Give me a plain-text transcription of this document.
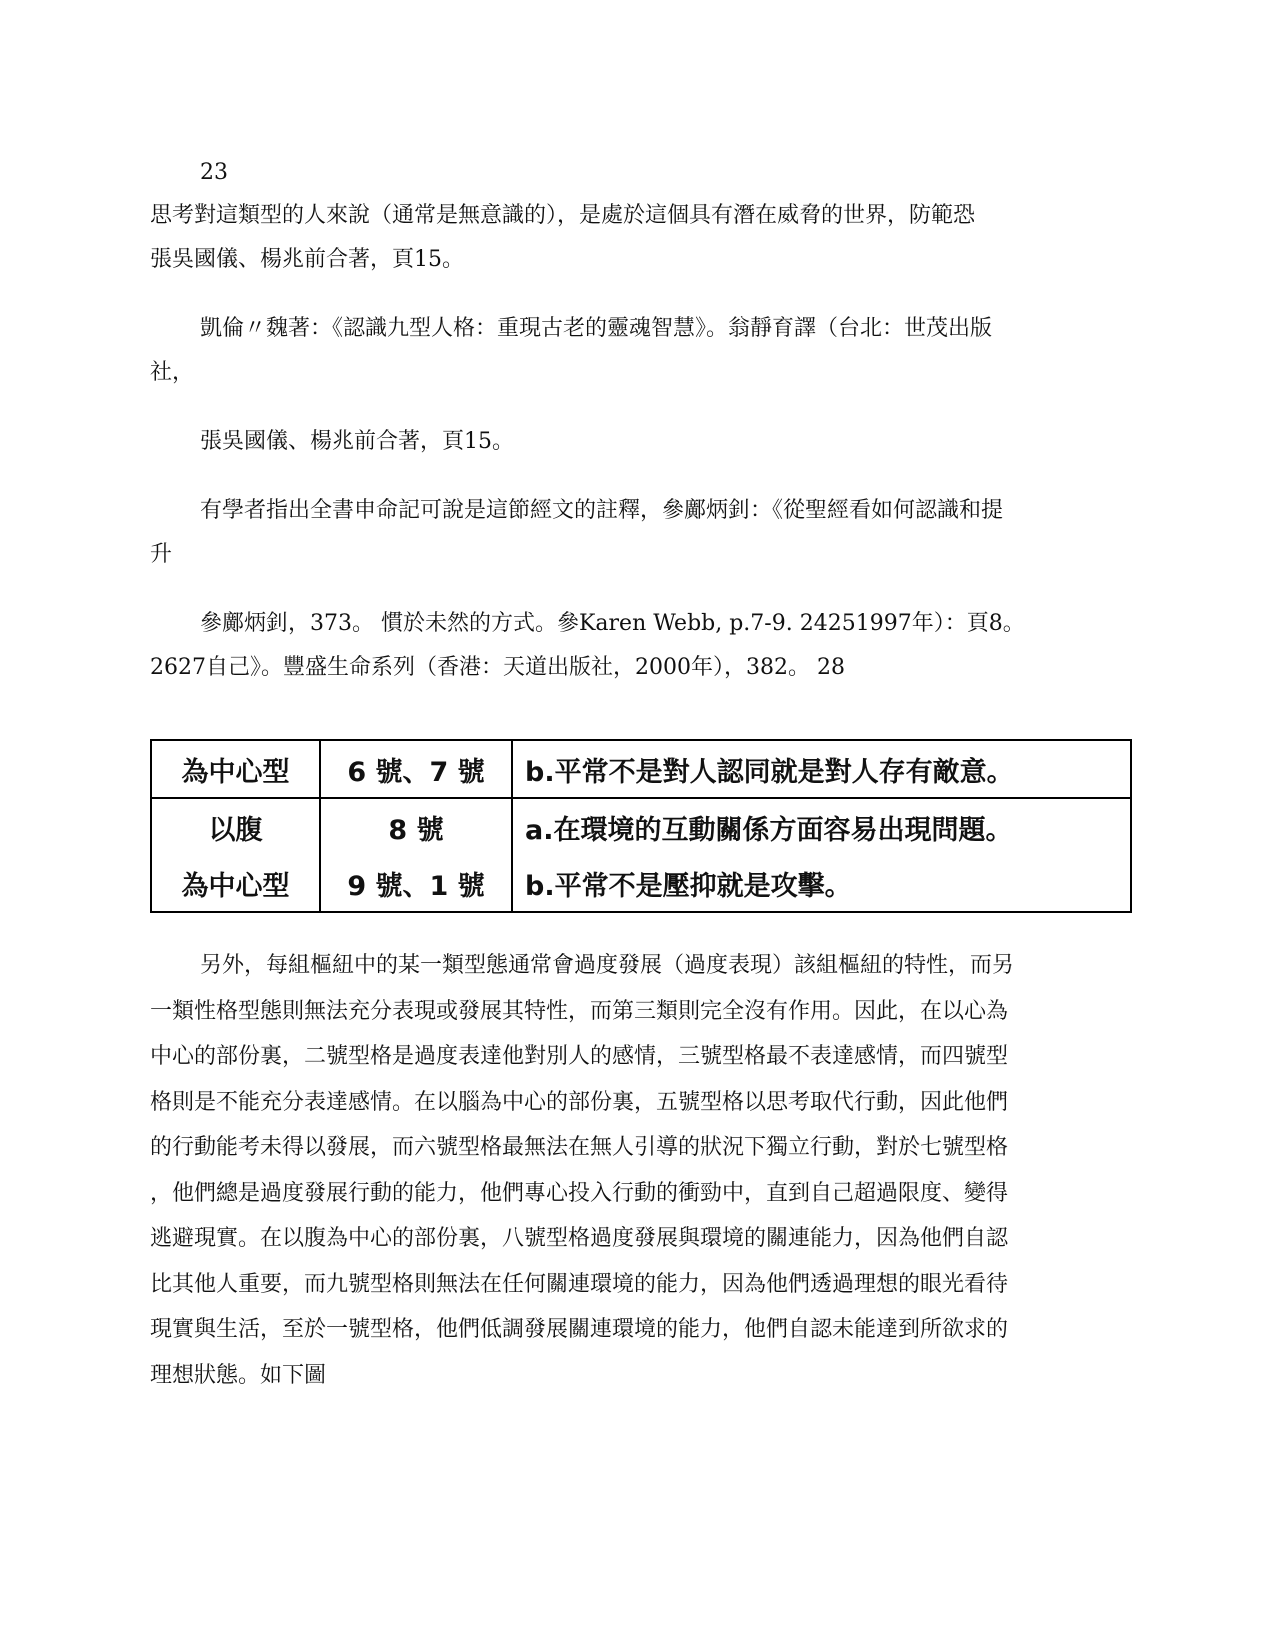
23
思考對這類型的人來說（通常是無意識的），是處於這個具有潛在威脅的世界，防範恐
張吳國儀、楊兆前合著，頁15。
凱倫〃魏著：《認識九型人格：重現古老的靈魂智慧》。翁靜育譯（台北：世茂出版
社，
張吳國儀、楊兆前合著，頁15。
有學者指出全書申命記可說是這節經文的註釋，參鄺炳釗：《從聖經看如何認識和提
升
參鄺炳釗，373。 慣於未然的方式。參Karen Webb, p.7-9. 24251997年）：頁8。
2627自己》。豐盛生命系列（香港：天道出版社，2000年），382。 28
為中心型	6 號、7 號	b.平常不是對人認同就是對人存有敵意。
以腹	8 號	a.在環境的互動關係方面容易出現問題。
為中心型	9 號、1 號	b.平常不是壓抑就是攻擊。

另外，每組樞紐中的某一類型態通常會過度發展（過度表現）該組樞紐的特性，而另

一類性格型態則無法充分表現或發展其特性，而第三類則完全沒有作用。因此，在以心為

中心的部份裏，二號型格是過度表達他對別人的感情，三號型格最不表達感情，而四號型

格則是不能充分表達感情。在以腦為中心的部份裏，五號型格以思考取代行動，因此他們

的行動能考未得以發展，而六號型格最無法在無人引導的狀況下獨立行動，對於七號型格

，他們總是過度發展行動的能力，他們專心投入行動的衝勁中，直到自己超過限度、變得

逃避現實。在以腹為中心的部份裏，八號型格過度發展與環境的關連能力，因為他們自認

比其他人重要，而九號型格則無法在任何關連環境的能力，因為他們透過理想的眼光看待

現實與生活，至於一號型格，他們低調發展關連環境的能力，他們自認未能達到所欲求的

理想狀態。如下圖
